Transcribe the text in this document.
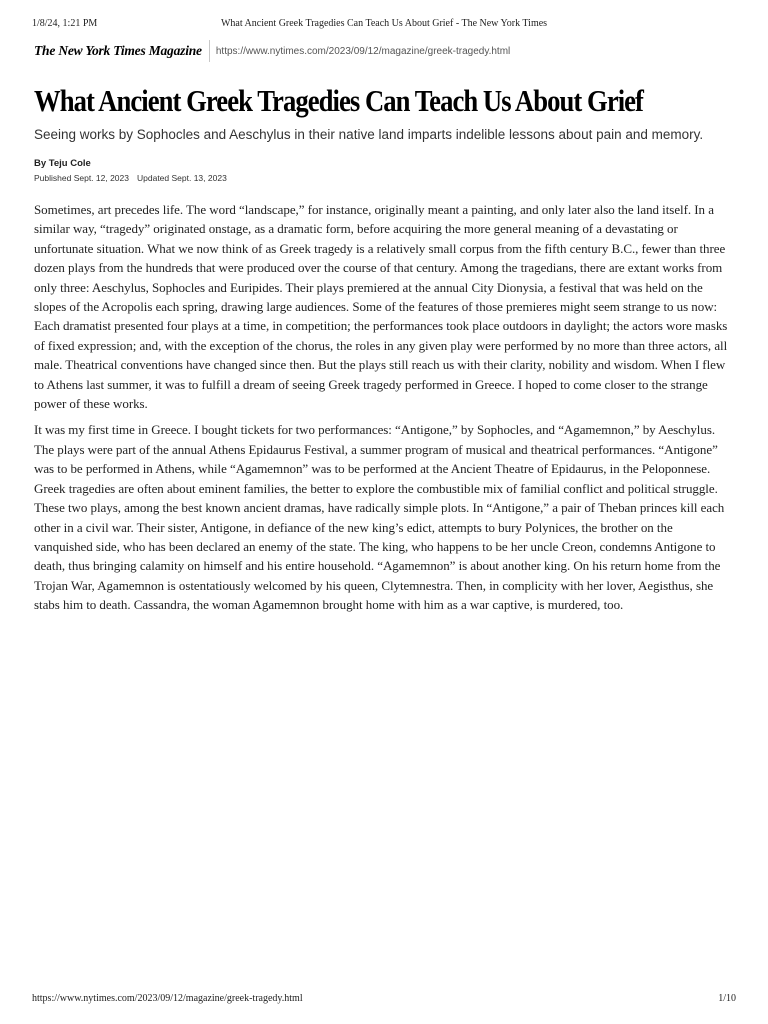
1/8/24, 1:21 PM	What Ancient Greek Tragedies Can Teach Us About Grief - The New York Times
The New York Times Magazine https://www.nytimes.com/2023/09/12/magazine/greek-tragedy.html
What Ancient Greek Tragedies Can Teach Us About Grief

Seeing works by Sophocles and Aeschylus in their native land imparts indelible lessons about pain and memory.

By Teju Cole
Published Sept. 12, 2023 Updated Sept. 13, 2023

Sometimes, art precedes life. The word “landscape,” for instance, originally meant a painting, and only later also the land itself. In a similar way, “tragedy” originated onstage, as a dramatic form, before acquiring the more general meaning of a devastating or unfortunate situation. What we now think of as Greek tragedy is a relatively small corpus from the fifth century B.C., fewer than three dozen plays from the hundreds that were produced over the course of that century. Among the tragedians, there are extant works from only three: Aeschylus, Sophocles and Euripides. Their plays premiered at the annual City Dionysia, a festival that was held on the slopes of the Acropolis each spring, drawing large audiences. Some of the features of those premieres might seem strange to us now: Each dramatist presented four plays at a time, in competition; the performances took place outdoors in daylight; the actors wore masks of fixed expression; and, with the exception of the chorus, the roles in any given play were performed by no more than three actors, all male. Theatrical conventions have changed since then. But the plays still reach us with their clarity, nobility and wisdom. When I flew to Athens last summer, it was to fulfill a dream of seeing Greek tragedy performed in Greece. I hoped to come closer to the strange power of these works.

It was my first time in Greece. I bought tickets for two performances: “Antigone,” by Sophocles, and “Agamemnon,” by Aeschylus. The plays were part of the annual Athens Epidaurus Festival, a summer program of musical and theatrical performances. “Antigone” was to be performed in Athens, while “Agamemnon” was to be performed at the Ancient Theatre of Epidaurus, in the Peloponnese. Greek tragedies are often about eminent families, the better to explore the combustible mix of familial conflict and political struggle. These two plays, among the best known ancient dramas, have radically simple plots. In “Antigone,” a pair of Theban princes kill each other in a civil war. Their sister, Antigone, in defiance of the new king’s edict, attempts to bury Polynices, the brother on the vanquished side, who has been declared an enemy of the state. The king, who happens to be her uncle Creon, condemns Antigone to death, thus bringing calamity on himself and his entire household. “Agamemnon” is about another king. On his return home from the Trojan War, Agamemnon is ostentatiously welcomed by his queen, Clytemnestra. Then, in complicity with her lover, Aegisthus, she stabs him to death. Cassandra, the woman Agamemnon brought home with him as a war captive, is murdered, too.

https://www.nytimes.com/2023/09/12/magazine/greek-tragedy.html	1/10
